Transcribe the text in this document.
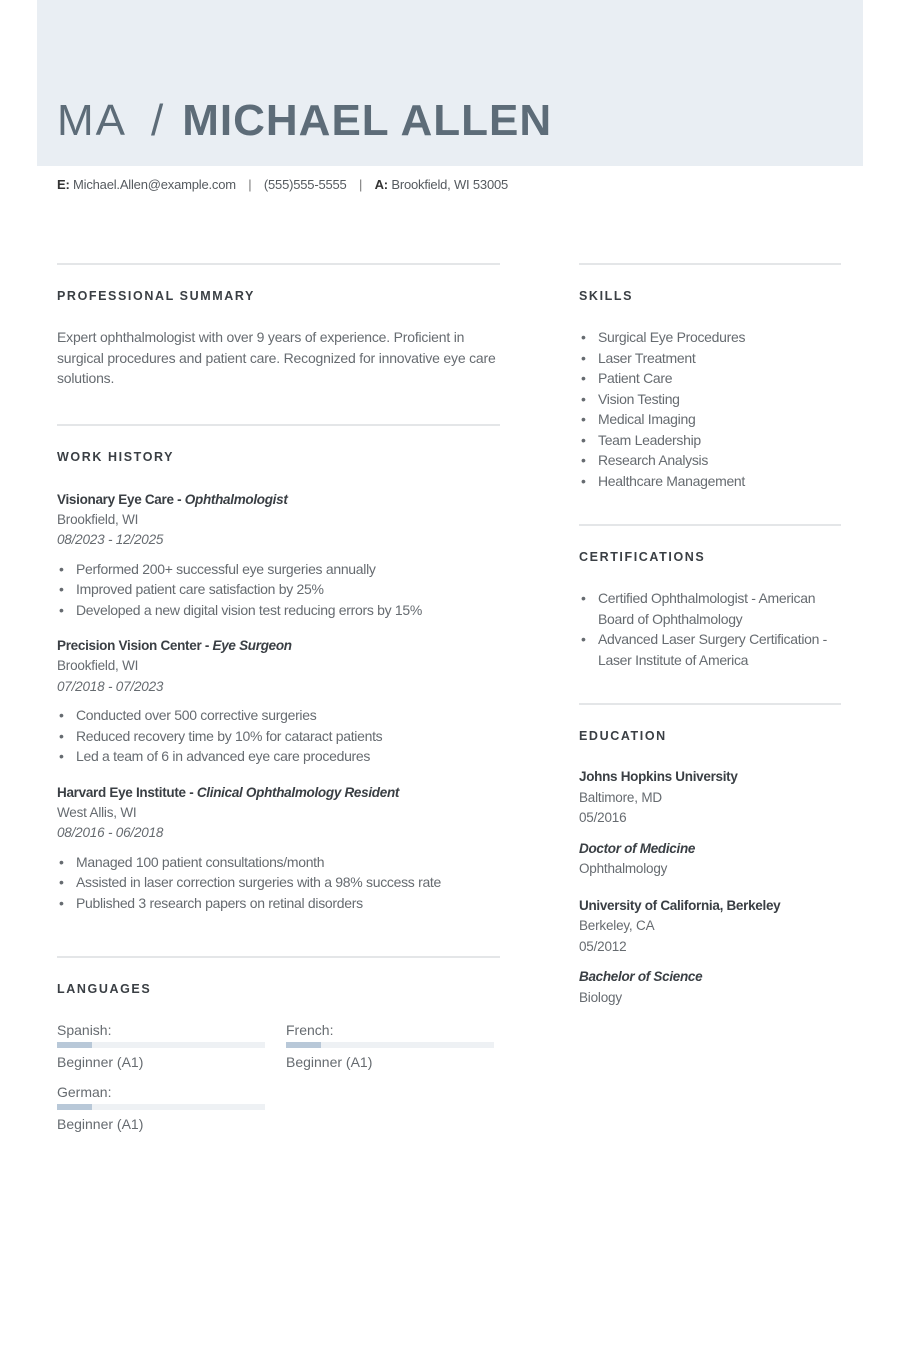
MA / MICHAEL ALLEN
E: Michael.Allen@example.com | (555)555-5555 | A: Brookfield, WI 53005
PROFESSIONAL SUMMARY
Expert ophthalmologist with over 9 years of experience. Proficient in surgical procedures and patient care. Recognized for innovative eye care solutions.
WORK HISTORY
Visionary Eye Care - Ophthalmologist
Brookfield, WI
08/2023 - 12/2025
• Performed 200+ successful eye surgeries annually
• Improved patient care satisfaction by 25%
• Developed a new digital vision test reducing errors by 15%
Precision Vision Center - Eye Surgeon
Brookfield, WI
07/2018 - 07/2023
• Conducted over 500 corrective surgeries
• Reduced recovery time by 10% for cataract patients
• Led a team of 6 in advanced eye care procedures
Harvard Eye Institute - Clinical Ophthalmology Resident
West Allis, WI
08/2016 - 06/2018
• Managed 100 patient consultations/month
• Assisted in laser correction surgeries with a 98% success rate
• Published 3 research papers on retinal disorders
LANGUAGES
Spanish:
Beginner (A1)
French:
Beginner (A1)
German:
Beginner (A1)
SKILLS
• Surgical Eye Procedures
• Laser Treatment
• Patient Care
• Vision Testing
• Medical Imaging
• Team Leadership
• Research Analysis
• Healthcare Management
CERTIFICATIONS
• Certified Ophthalmologist - American Board of Ophthalmology
• Advanced Laser Surgery Certification - Laser Institute of America
EDUCATION
Johns Hopkins University
Baltimore, MD
05/2016
Doctor of Medicine
Ophthalmology
University of California, Berkeley
Berkeley, CA
05/2012
Bachelor of Science
Biology
